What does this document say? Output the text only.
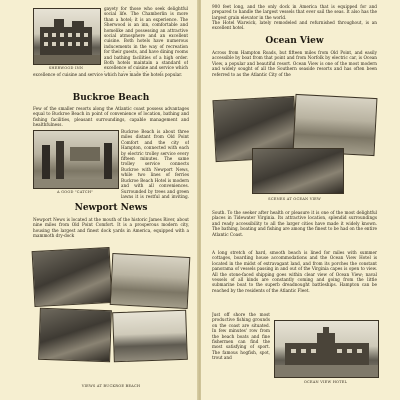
SHERWOOD INN

gayety for those who seek delightful social life. The Chamberlin is more than a hotel; it is an experience. The Sherwood is an inn, comfortable and homelike and possessing an attractive social atmosphere and an excellent cuisine. Both hotels have numerous inducements in the way of recreation for their guests, and have dining rooms and bathing facilities of a high order. Both hotels maintain a standard of excellence of cuisine and service which

excellence of cuisine and service which have made the hotels popular.

Buckroe Beach

Few of the smaller resorts along the Atlantic coast possess advantages equal to Buckroe Beach in point of convenience of location, bathing and fishing facilities, pleasant surroundings, capable management and healthfulness.

A GOOD "CATCH"

Buckroe Beach is about three miles distant from Old Point Comfort and the city of Hampton, connected with each by electric trolley service every fifteen minutes. The same trolley service connects Buckroe with Newport News, while two lines of ferries

Buckroe Beach Hotel is modern and with all conveniences. Surrounded by trees and green lawns it is restful and inviting.

Newport News

Newport News is located at the mouth of the historic James River, about nine miles from Old Point Comfort. It is a prosperous modern city, housing the largest and finest dock yards in America, equipped with a mammoth dry-dock

VIEWS AT BUCKROE BEACH

900 feet long, and the only dock in America that is equipped for and prepared to handle the largest vessels that ever sail the seas. It also has the largest grain elevator in the world.

The Hotel Warwick, lately remodeled and refurnished throughout, is an excellent hotel.

Ocean View

Across from Hampton Roads, but fifteen miles from Old Point, and easily accessible by boat from that point and from Norfolk by electric car, is Ocean View, a popular and beautiful resort. Ocean View is one of the most modern and widely sought of all the Southern seaside resorts and has often been referred to as the Atlantic City of the

SCENES AT OCEAN VIEW

South. To the seeker after health or pleasure it is one of the most delightful places in Tidewater Virginia. Its attractive location, splendid surroundings and ready accessibility to all the larger cities have made it widely known. The bathing, boating and fishing are among the finest to be had on the entire Atlantic Coast.

A long stretch of hard, smooth beach is lined for miles with summer cottages, boarding house accommodations and the Ocean View Hotel is located in the midst of extravagant land, and from its porches the constant panorama of vessels passing in and out of the Virginia capes is open to view. All the stone-faced shipping goes within clear view of Ocean View; naval vessels of all kinds are constantly coming and going from the little submarine boat to the superb dreadnought battleships. Hampton can be reached by the residents of the Atlantic Fleet.

Just off shore the most productive fishing grounds on the coast are situated. In few minutes' row from the beach boats and fine fishermen can find the most satisfying of sport. The famous hogfish, spot, trout and

OCEAN VIEW HOTEL
